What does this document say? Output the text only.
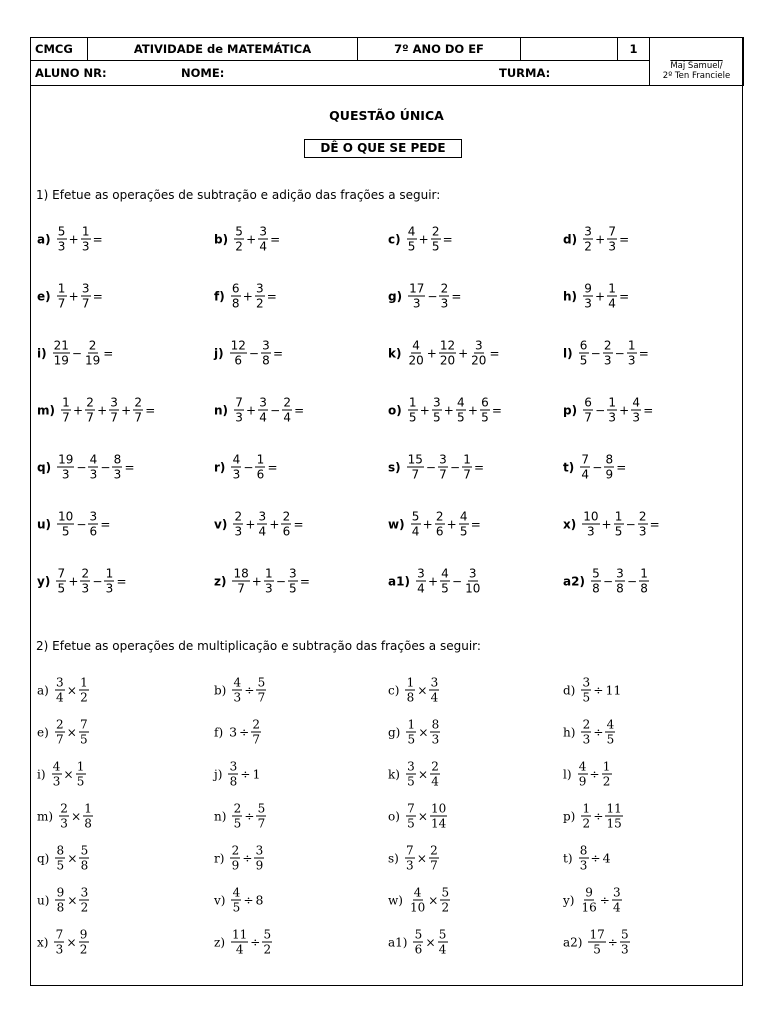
CMCG	ATIVIDADE de MATEMÁTICA	7º ANO DO EF		1	
Maj Samuel/
2º Ten Franciele

ALUNO NR:	NOME:	TURMA:
QUESTÃO ÚNICA
DÊ O QUE SE PEDE
1) Efetue as operações de subtração e adição das frações a seguir:
$a) \frac{5}{3} + \frac{1}{3}$ =	$b) \frac{5}{2} + \frac{3}{4}$ =	$c) \frac{4}{5} + \frac{2}{5}$ =	$d) \frac{3}{2} + \frac{7}{3}$ =
$e) \frac{1}{7} + \frac{3}{7}$ =	$f) \frac{6}{8} + \frac{3}{2}$ =	$g) \frac{17}{3} - \frac{2}{3}$ =	$h) \frac{9}{3} + \frac{1}{4}$ =
$i) \frac{21}{19} - \frac{2}{19}$ =	$j) \frac{12}{6} - \frac{3}{8}$ =	$k) \frac{4}{20} + \frac{12}{20} + \frac{3}{20}$ =	$l) \frac{6}{5} - \frac{2}{3} - \frac{1}{3}$ =
$m) \frac{1}{7} + \frac{2}{7} + \frac{3}{7} + \frac{2}{7}$ =	$n) \frac{7}{3} + \frac{3}{4} - \frac{2}{4}$ =	$o) \frac{1}{5} + \frac{3}{5} + \frac{4}{5} + \frac{6}{5}$ =	$p) \frac{6}{7} - \frac{1}{3} + \frac{4}{3}$ =
$q) \frac{19}{3} - \frac{4}{3} - \frac{8}{3}$ =	$r) \frac{4}{3} - \frac{1}{6}$ =	$s) \frac{15}{7} - \frac{3}{7} - \frac{1}{7}$ =	$t) \frac{7}{4} - \frac{8}{9}$ =
$u) \frac{10}{5} - \frac{3}{6}$ =	$v) \frac{2}{3} + \frac{3}{4} + \frac{2}{6}$ =	$w) \frac{5}{4} + \frac{2}{6} + \frac{4}{5}$ =	$x) \frac{10}{3} + \frac{1}{5} - \frac{2}{3}$ =
$y) \frac{7}{5} + \frac{2}{3} - \frac{1}{3}$ =	$z) \frac{18}{7} + \frac{1}{3} - \frac{3}{5}$ =	$a1) \frac{3}{4} + \frac{4}{5} - \frac{3}{10}$	$a2) \frac{5}{8} - \frac{3}{8} - \frac{1}{8}$
2) Efetue as operações de multiplicação e subtração das frações a seguir:
$a) \frac{3}{4} \times \frac{1}{2}$	$b) \frac{4}{3} \div \frac{5}{7}$	$c) \frac{1}{8} \times \frac{3}{4}$	$d) \frac{3}{5} \div 11$
$e) \frac{2}{7} \times \frac{7}{5}$	f) $3 \div \frac{2}{7}$	$g) \frac{1}{5} \times \frac{8}{3}$	$h) \frac{2}{3} \div \frac{4}{5}$
$i) \frac{4}{3} \times \frac{1}{5}$	$j) \frac{3}{8} \div 1$	$k) \frac{3}{5} \times \frac{2}{4}$	$l) \frac{4}{9} \div \frac{1}{2}$
$m) \frac{2}{3} \times \frac{1}{8}$	$n) \frac{2}{5} \div \frac{5}{7}$	$o) \frac{7}{5} \times \frac{10}{14}$	$p) \frac{1}{2} \div \frac{11}{15}$
$q) \frac{8}{5} \times \frac{5}{8}$	$r) \frac{2}{9} \div \frac{3}{9}$	$s) \frac{7}{3} \times \frac{2}{7}$	$t) \frac{8}{3} \div 4$
$u) \frac{9}{8} \times \frac{3}{2}$	$v) \frac{4}{5} \div 8$	$w) \frac{4}{10} \times \frac{5}{2}$	$y) \frac{9}{16} \div \frac{3}{4}$
$x) \frac{7}{3} \times \frac{9}{2}$	$z) \frac{11}{4} \div \frac{5}{2}$	$a1) \frac{5}{6} \times \frac{5}{4}$	$a2) \frac{17}{5} \div \frac{5}{3}$
